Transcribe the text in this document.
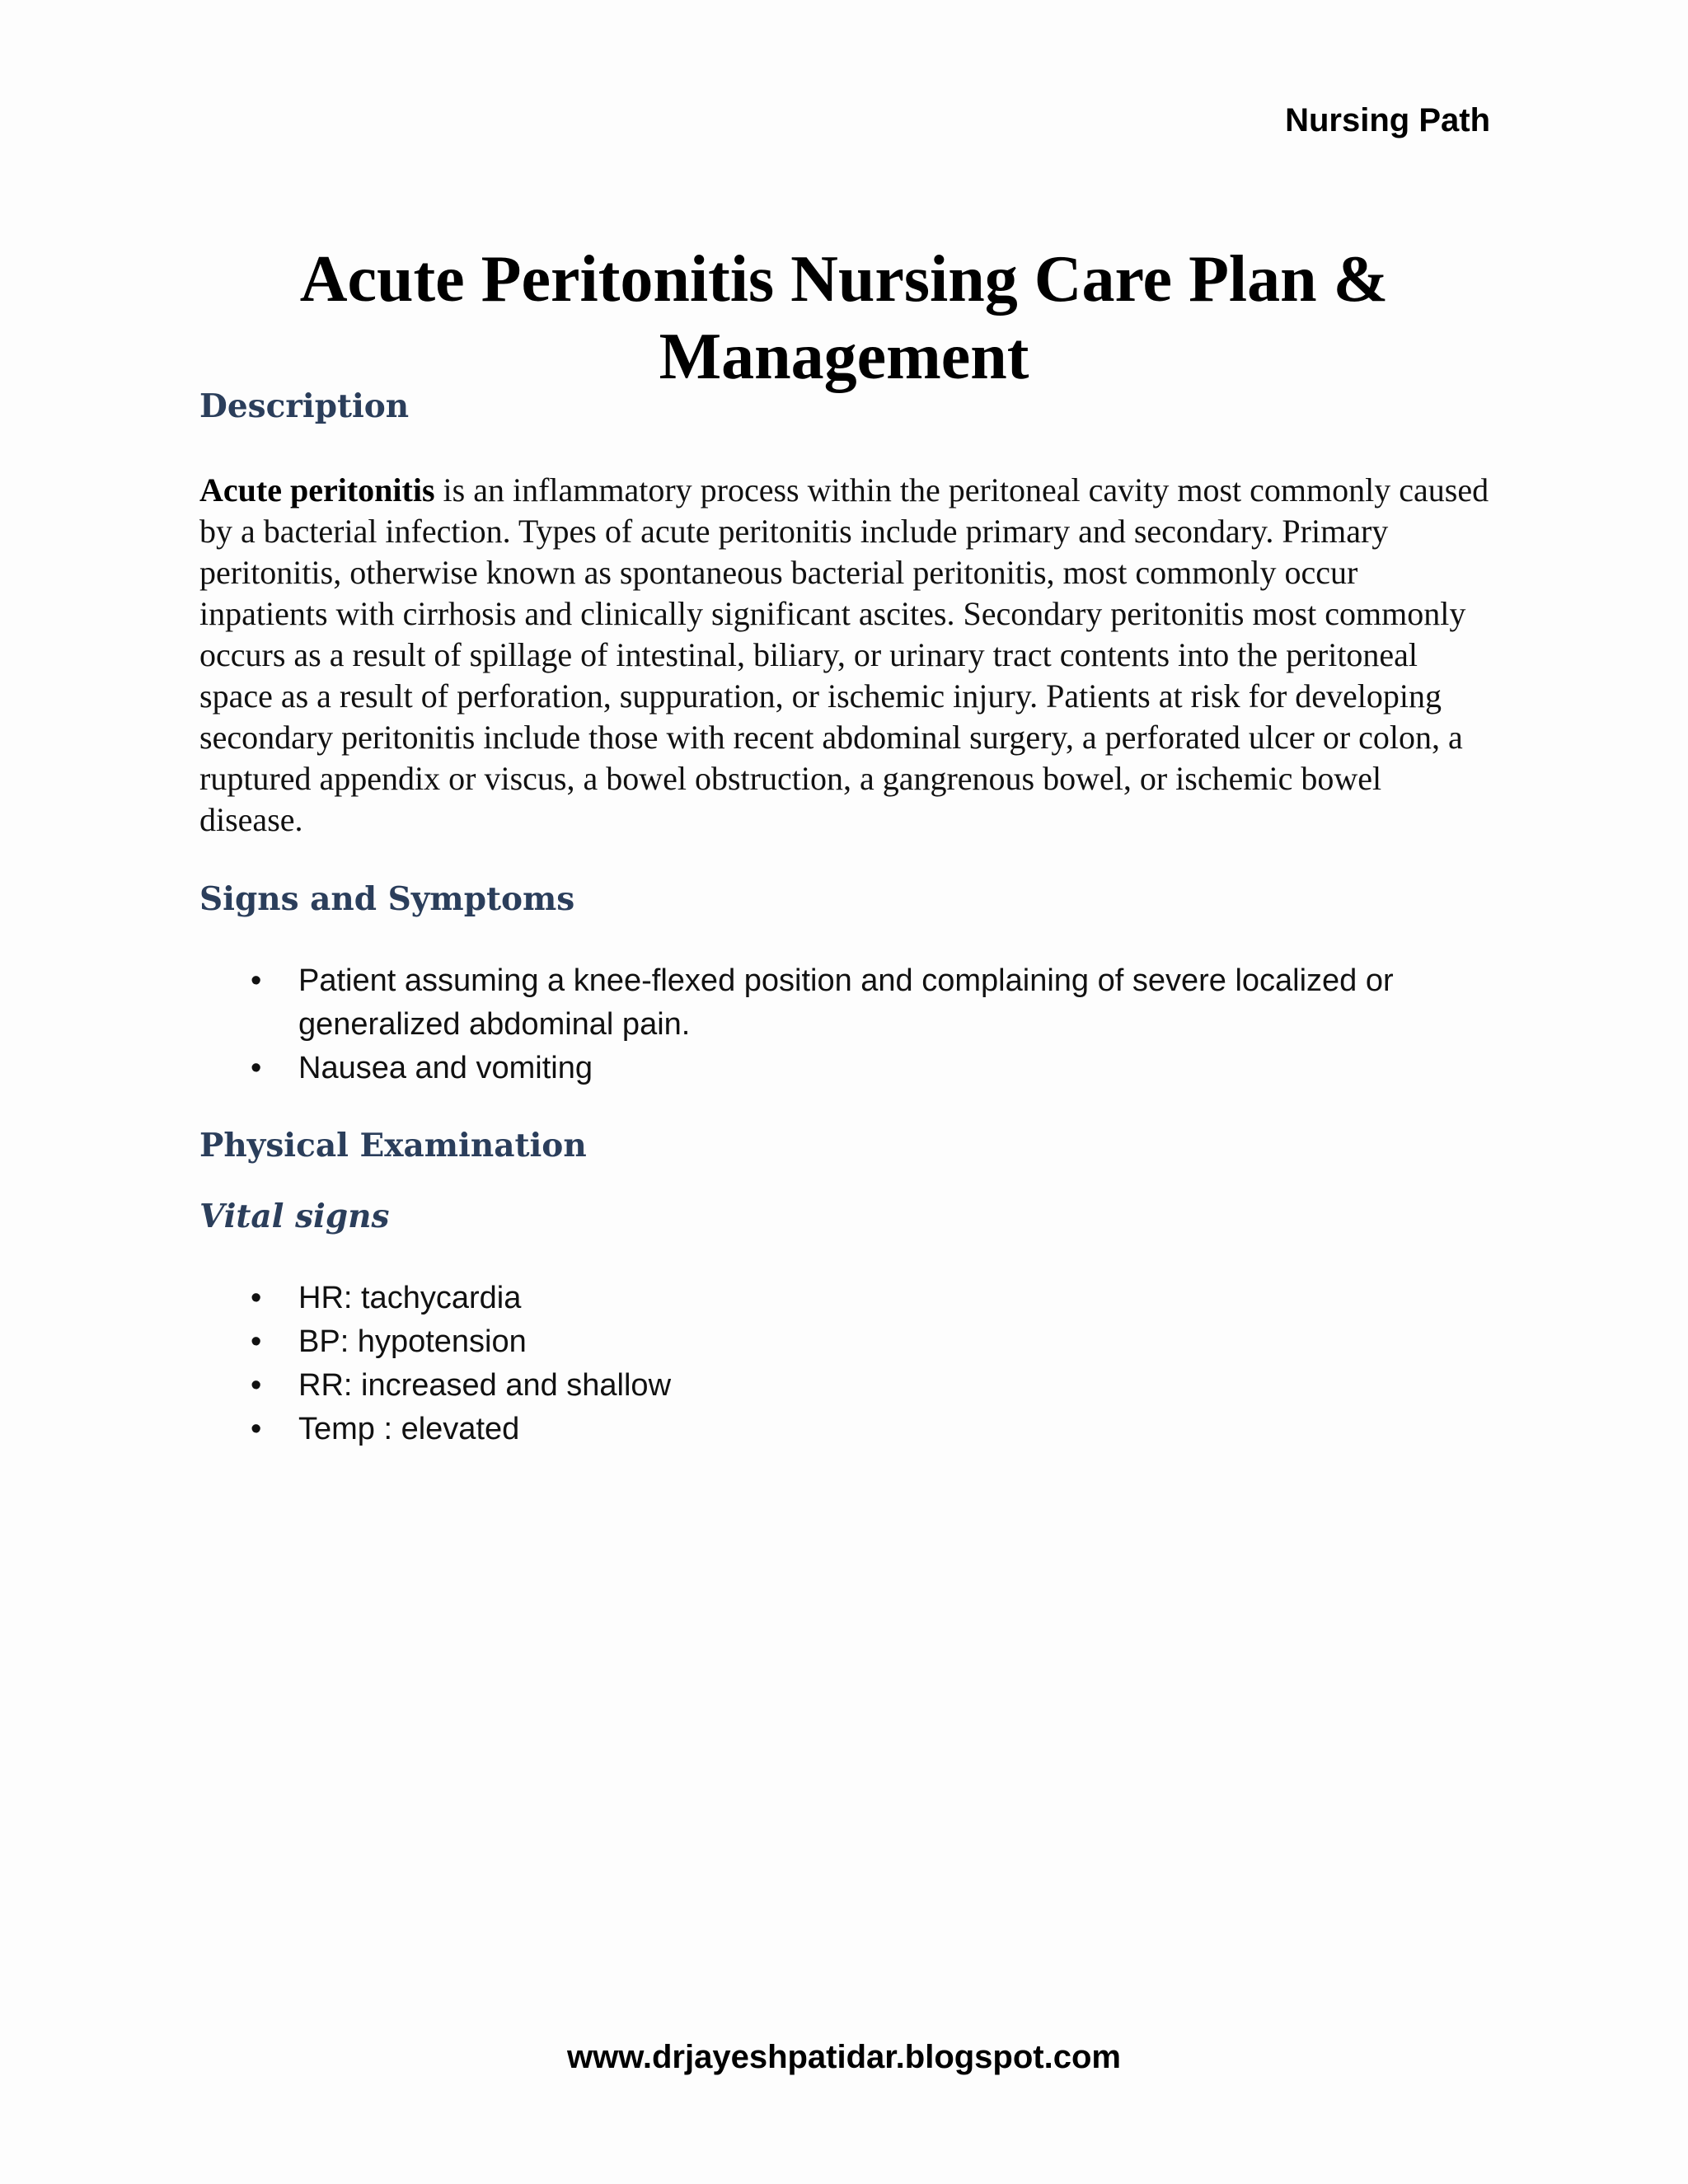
Nursing Path
Acute Peritonitis Nursing Care Plan & Management
Description

Acute peritonitis is an inflammatory process within the peritoneal cavity most commonly caused by a bacterial infection. Types of acute peritonitis include primary and secondary. Primary peritonitis, otherwise known as spontaneous bacterial peritonitis, most commonly occur inpatients with cirrhosis and clinically significant ascites. Secondary peritonitis most commonly occurs as a result of spillage of intestinal, biliary, or urinary tract contents into the peritoneal space as a result of perforation, suppuration, or ischemic injury. Patients at risk for developing secondary peritonitis include those with recent abdominal surgery, a perforated ulcer or colon, a ruptured appendix or viscus, a bowel obstruction, a gangrenous bowel, or ischemic bowel disease.

Signs and Symptoms
• Patient assuming a knee-flexed position and complaining of severe localized or generalized abdominal pain.
• Nausea and vomiting
Physical Examination
Vital signs
• HR: tachycardia
• BP: hypotension
• RR: increased and shallow
• Temp : elevated
www.drjayeshpatidar.blogspot.com
